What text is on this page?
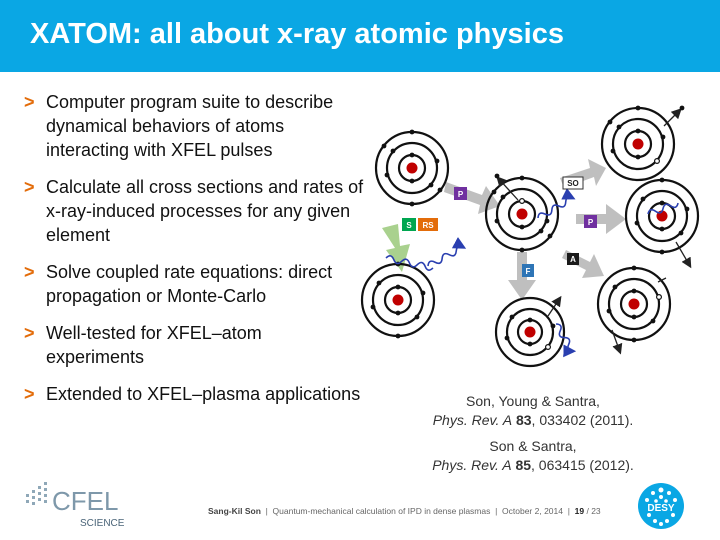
XATOM: all about x-ray atomic physics
> Computer program suite to describe dynamical behaviors of atoms interacting with XFEL pulses
> Calculate all cross sections and rates of x-ray-induced processes for any given element
> Solve coupled rate equations: direct propagation or Monte-Carlo
> Well-tested for XFEL–atom experiments
> Extended to XFEL–plasma applications
P
S RS
SO
P
F
A
Son, Young & Santra,
Phys. Rev. A 83, 033402 (2011).
Son & Santra,
Phys. Rev. A 85, 063415 (2012).
CFEL
SCIENCE
Sang-Kil Son  |  Quantum-mechanical calculation of IPD in dense plasmas  |  October 2, 2014  |  19 / 23	DESY
